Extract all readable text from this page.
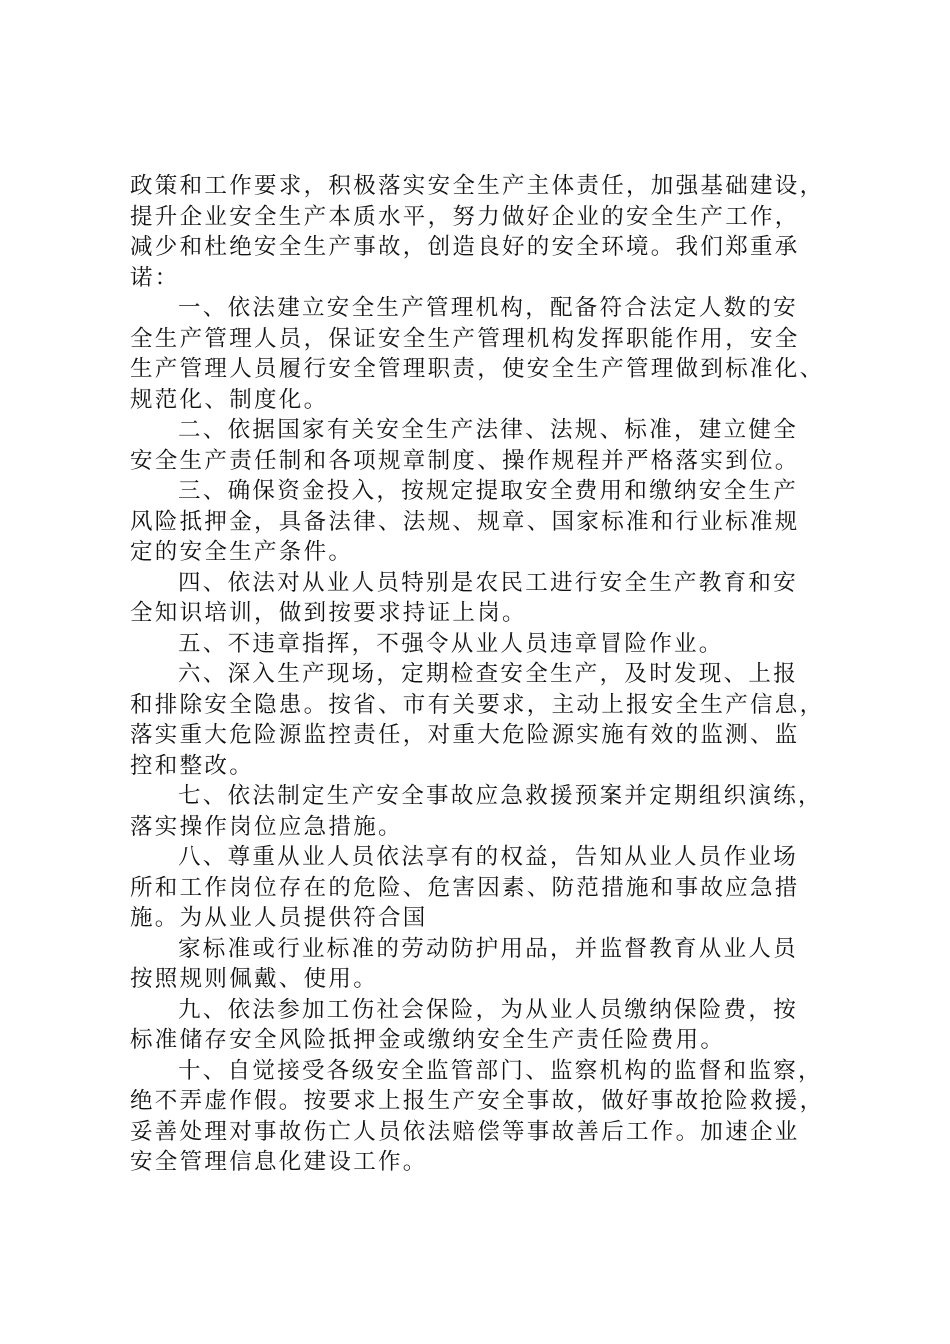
政策和工作要求，积极落实安全生产主体责任，加强基础建设，
提升企业安全生产本质水平，努力做好企业的安全生产工作，
减少和杜绝安全生产事故，创造良好的安全环境。我们郑重承
诺：
一、依法建立安全生产管理机构，配备符合法定人数的安
全生产管理人员，保证安全生产管理机构发挥职能作用，安全
生产管理人员履行安全管理职责，使安全生产管理做到标准化、
规范化、制度化。
二、依据国家有关安全生产法律、法规、标准，建立健全
安全生产责任制和各项规章制度、操作规程并严格落实到位。
三、确保资金投入，按规定提取安全费用和缴纳安全生产
风险抵押金，具备法律、法规、规章、国家标准和行业标准规
定的安全生产条件。
四、依法对从业人员特别是农民工进行安全生产教育和安
全知识培训，做到按要求持证上岗。
五、不违章指挥，不强令从业人员违章冒险作业。
六、深入生产现场，定期检查安全生产，及时发现、上报
和排除安全隐患。按省、市有关要求，主动上报安全生产信息，
落实重大危险源监控责任，对重大危险源实施有效的监测、监
控和整改。
七、依法制定生产安全事故应急救援预案并定期组织演练，
落实操作岗位应急措施。
八、尊重从业人员依法享有的权益，告知从业人员作业场
所和工作岗位存在的危险、危害因素、防范措施和事故应急措
施。为从业人员提供符合国
家标准或行业标准的劳动防护用品，并监督教育从业人员
按照规则佩戴、使用。
九、依法参加工伤社会保险，为从业人员缴纳保险费，按
标准储存安全风险抵押金或缴纳安全生产责任险费用。
十、自觉接受各级安全监管部门、监察机构的监督和监察，
绝不弄虚作假。按要求上报生产安全事故，做好事故抢险救援，
妥善处理对事故伤亡人员依法赔偿等事故善后工作。加速企业
安全管理信息化建设工作。
